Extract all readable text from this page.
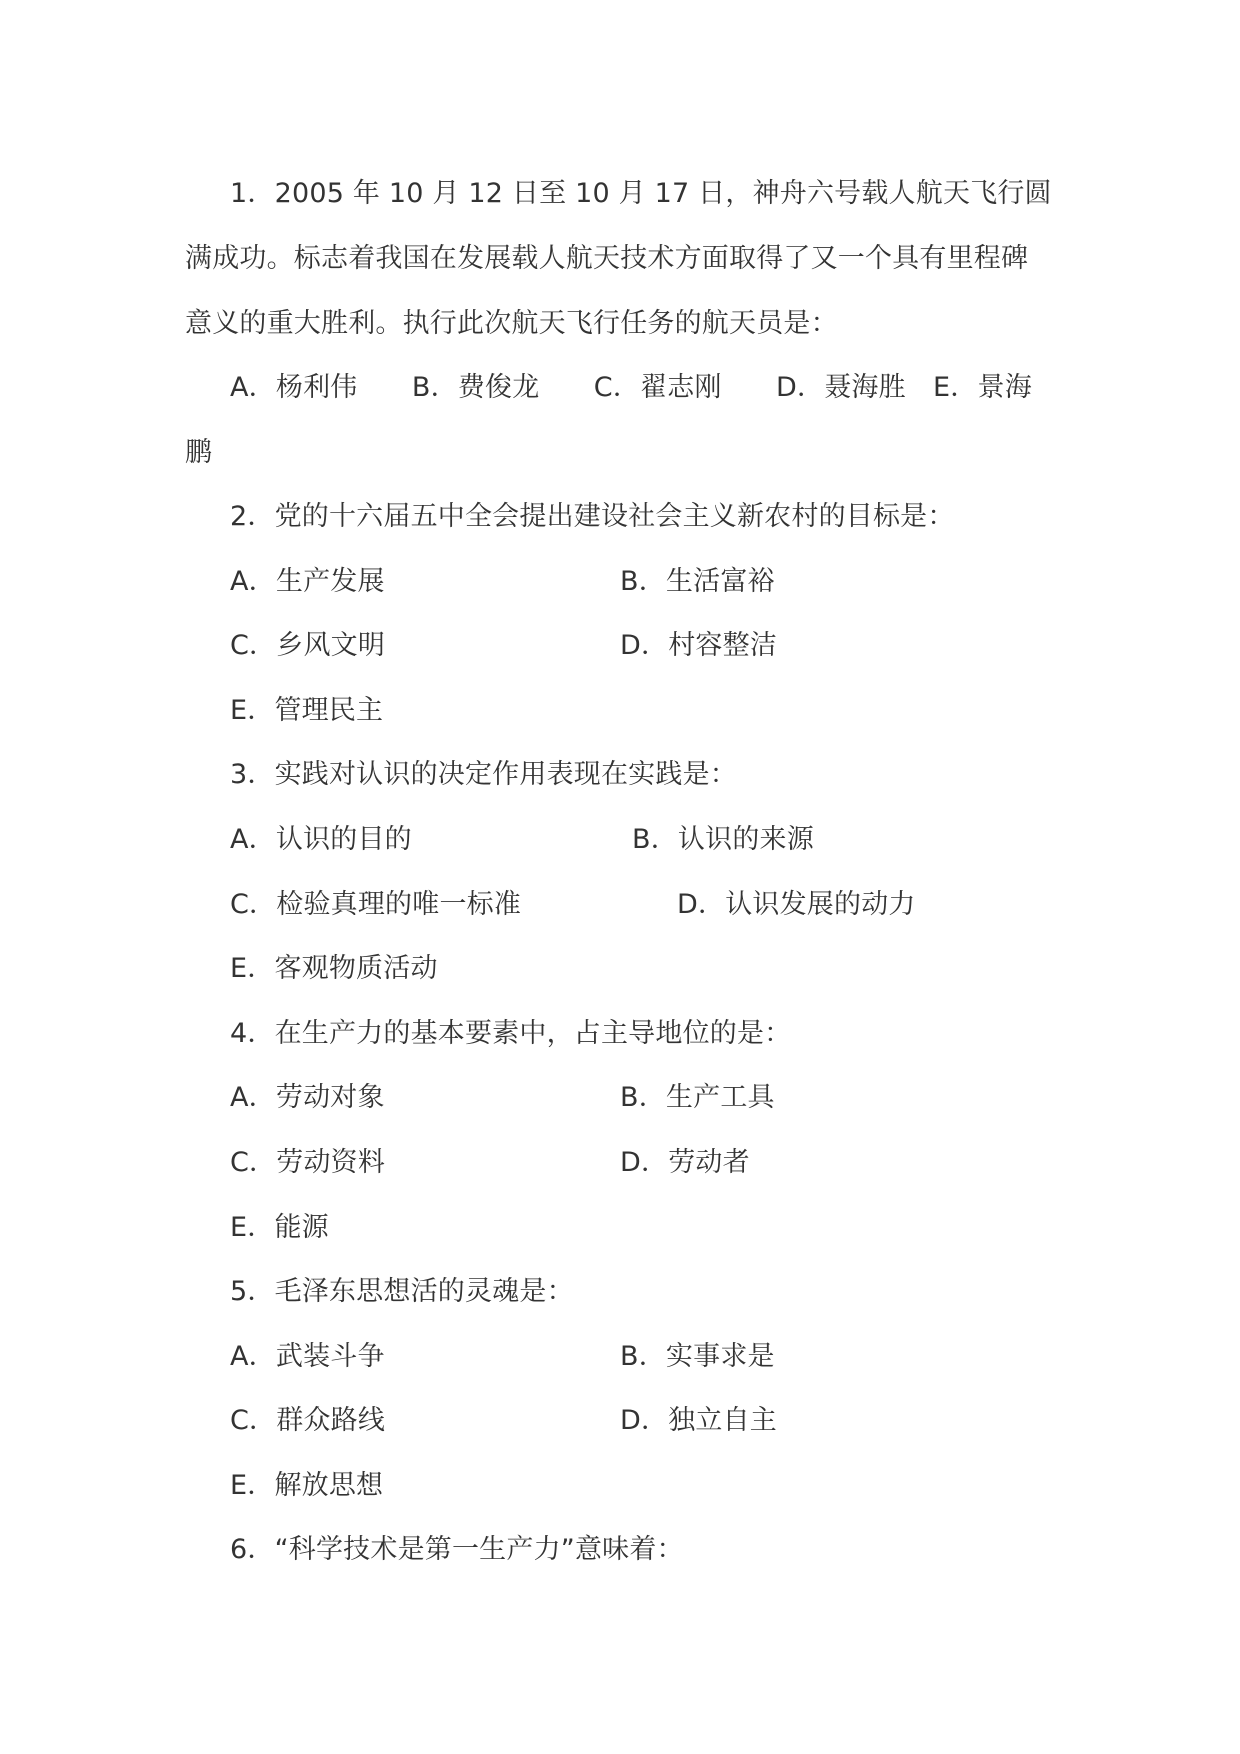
1．2005 年 10 月 12 日至 10 月 17 日，神舟六号载人航天飞行圆
满成功。标志着我国在发展载人航天技术方面取得了又一个具有里程碑
意义的重大胜利。执行此次航天飞行任务的航天员是：
A．杨利伟　　B．费俊龙　　C．翟志刚　　D．聂海胜　E．景海
鹏
2．党的十六届五中全会提出建设社会主义新农村的目标是：
A．生产发展	B．生活富裕
C．乡风文明	D．村容整洁
E．管理民主
3．实践对认识的决定作用表现在实践是：
A．认识的目的	B．认识的来源
C．检验真理的唯一标准	D．认识发展的动力
E．客观物质活动
4．在生产力的基本要素中，占主导地位的是：
A．劳动对象	B．生产工具
C．劳动资料	D．劳动者
E．能源
5．毛泽东思想活的灵魂是：
A．武装斗争	B．实事求是
C．群众路线	D．独立自主
E．解放思想
6．“科学技术是第一生产力”意味着：
